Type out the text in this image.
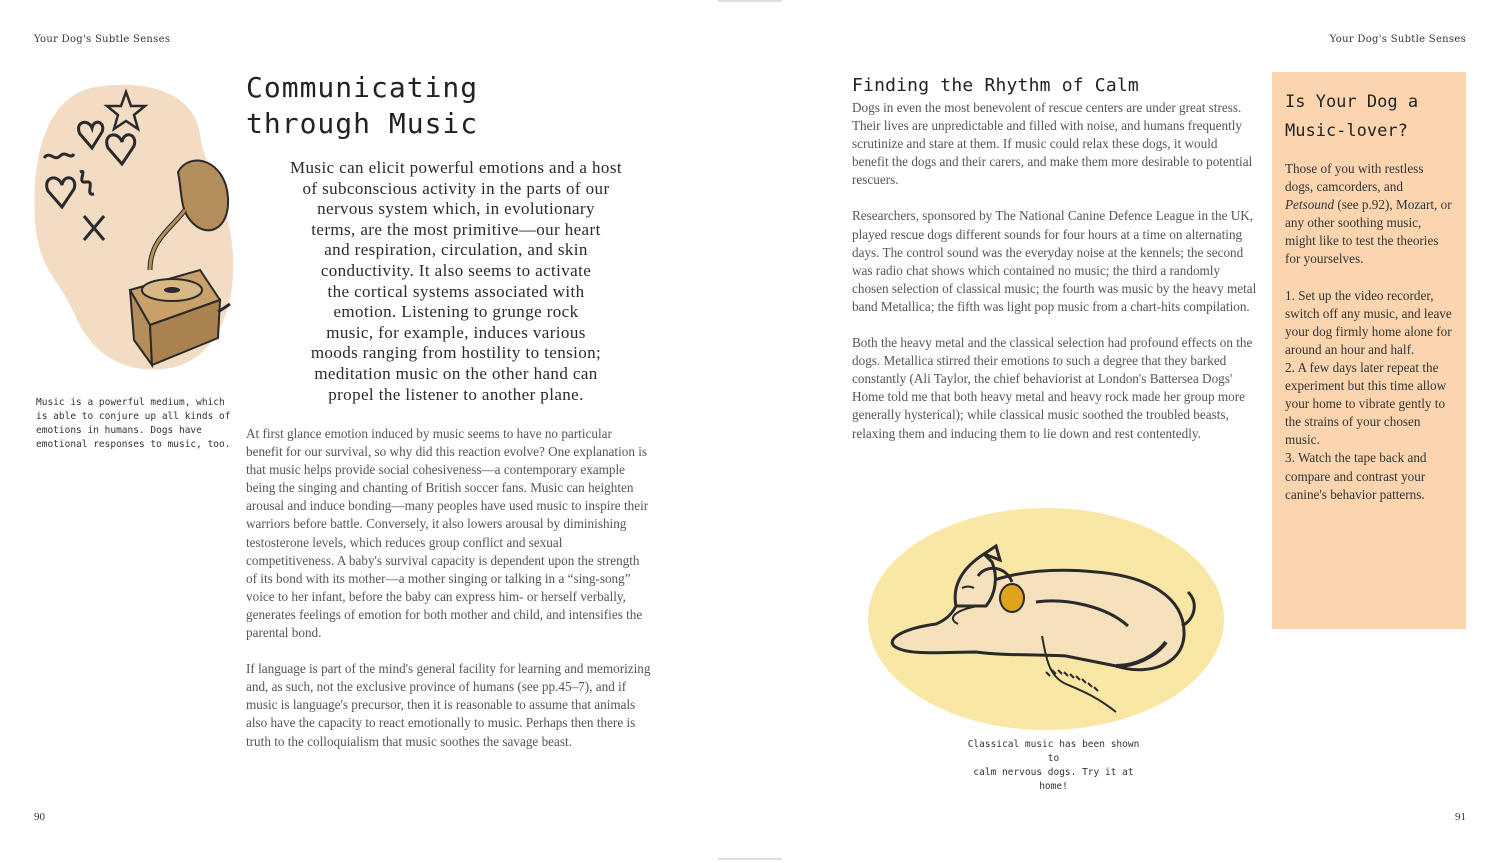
Your Dog's Subtle Senses
Music is a powerful medium, which
is able to conjure up all kinds of
emotions in humans. Dogs have
emotional responses to music, too.
Communicating
through Music
Music can elicit powerful emotions and a host
of subconscious activity in the parts of our
nervous system which, in evolutionary
terms, are the most primitive—our heart
and respiration, circulation, and skin
conductivity. It also seems to activate
the cortical systems associated with
emotion. Listening to grunge rock
music, for example, induces various
moods ranging from hostility to tension;
meditation music on the other hand can
propel the listener to another plane.

At first glance emotion induced by music seems to have no particular benefit for our survival, so why did this reaction evolve? One explanation is that music helps provide social cohesiveness—a contemporary example being the singing and chanting of British soccer fans. Music can heighten arousal and induce bonding—many peoples have used music to inspire their warriors before battle. Conversely, it also lowers arousal by diminishing testosterone levels, which reduces group conflict and sexual competitiveness. A baby's survival capacity is dependent upon the strength of its bond with its mother—a mother singing or talking in a “sing-song” voice to her infant, before the baby can express him- or herself verbally, generates feelings of emotion for both mother and child, and intensifies the parental bond.

If language is part of the mind's general facility for learning and memorizing and, as such, not the exclusive province of humans (see pp.45–7), and if music is language's precursor, then it is reasonable to assume that animals also have the capacity to react emotionally to music. Perhaps then there is truth to the colloquialism that music soothes the savage beast.

90
Your Dog's Subtle Senses
91
Finding the Rhythm of Calm

Dogs in even the most benevolent of rescue centers are under great stress. Their lives are unpredictable and filled with noise, and humans frequently scrutinize and stare at them. If music could relax these dogs, it would benefit the dogs and their carers, and make them more desirable to potential rescuers.

Researchers, sponsored by The National Canine Defence League in the UK, played rescue dogs different sounds for four hours at a time on alternating days. The control sound was the everyday noise at the kennels; the second was radio chat shows which contained no music; the third a randomly chosen selection of classical music; the fourth was music by the heavy metal band Metallica; the fifth was light pop music from a chart-hits compilation.

Both the heavy metal and the classical selection had profound effects on the dogs. Metallica stirred their emotions to such a degree that they barked constantly (Ali Taylor, the chief behaviorist at London's Battersea Dogs' Home told me that both heavy metal and heavy rock made her group more generally hysterical); while classical music soothed the troubled beasts, relaxing them and inducing them to lie down and rest contentedly.

Classical music has been shown to
calm nervous dogs. Try it at home!
Is Your Dog a
Music-lover?

Those of you with restless dogs, camcorders, and Petsound (see p.92), Mozart, or any other soothing music, might like to test the theories for yourselves.

1. Set up the video recorder, switch off any music, and leave your dog firmly home alone for around an hour and half.
2. A few days later repeat the experiment but this time allow your home to vibrate gently to the strains of your chosen music.
3. Watch the tape back and compare and contrast your canine's behavior patterns.
